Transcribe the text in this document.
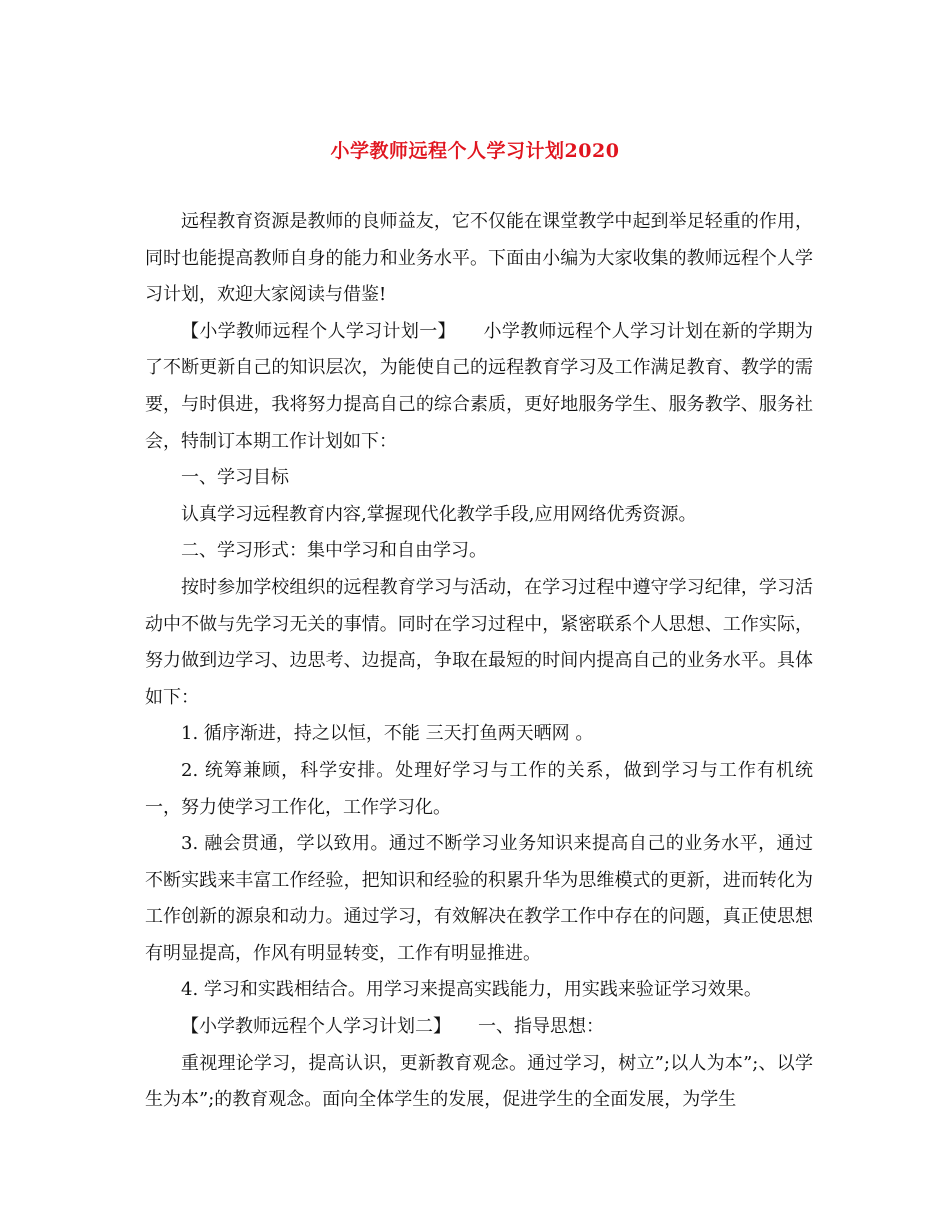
小学教师远程个人学习计划2020

远程教育资源是教师的良师益友，它不仅能在课堂教学中起到举足轻重的作用，同时也能提高教师自身的能力和业务水平。下面由小编为大家收集的教师远程个人学习计划，欢迎大家阅读与借鉴!

【小学教师远程个人学习计划一】　　小学教师远程个人学习计划在新的学期为了不断更新自己的知识层次，为能使自己的远程教育学习及工作满足教育、教学的需要，与时俱进，我将努力提高自己的综合素质，更好地服务学生、服务教学、服务社会，特制订本期工作计划如下：

一、学习目标

认真学习远程教育内容,掌握现代化教学手段,应用网络优秀资源。

二、学习形式：集中学习和自由学习。

按时参加学校组织的远程教育学习与活动，在学习过程中遵守学习纪律，学习活动中不做与先学习无关的事情。同时在学习过程中，紧密联系个人思想、工作实际，努力做到边学习、边思考、边提高，争取在最短的时间内提高自己的业务水平。具体如下：

1. 循序渐进，持之以恒，不能 三天打鱼两天晒网 。

2. 统筹兼顾，科学安排。处理好学习与工作的关系，做到学习与工作有机统一，努力使学习工作化，工作学习化。

3. 融会贯通，学以致用。通过不断学习业务知识来提高自己的业务水平，通过不断实践来丰富工作经验，把知识和经验的积累升华为思维模式的更新，进而转化为工作创新的源泉和动力。通过学习，有效解决在教学工作中存在的问题，真正使思想有明显提高，作风有明显转变，工作有明显推进。

4. 学习和实践相结合。用学习来提高实践能力，用实践来验证学习效果。

【小学教师远程个人学习计划二】　　一、指导思想：

重视理论学习，提高认识，更新教育观念。通过学习，树立”;以人为本”;、以学生为本”;的教育观念。面向全体学生的发展，促进学生的全面发展，为学生
